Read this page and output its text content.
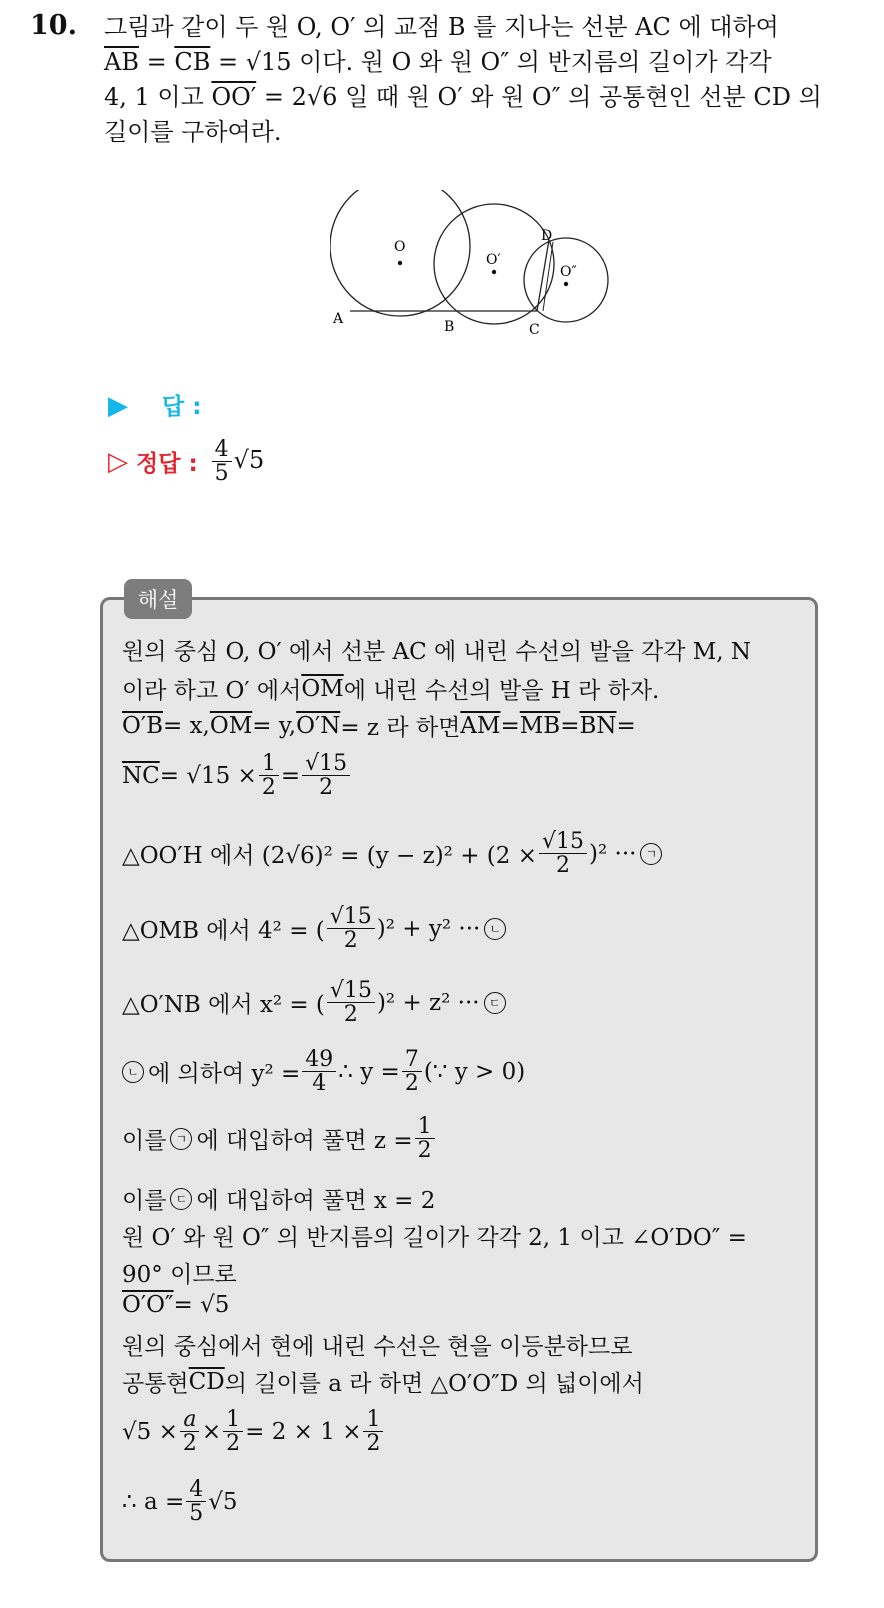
10. 그림과 같이 두 원 O, O′ 의 교점 B 를 지나는 선분 AC 에 대하여
$\overline{AB} = \overline{CB} = √15$ 이다. 원 O 와 원 O″ 의 반지름의 길이가 각각
4, 1 이고 OO′ = 2√6 일 때 원 O′ 와 원 O″ 의 공통현인 선분 CD 의
길이를 구하여라.
O
O′
O″
A	B	C
D
▶ 답 :
▷ 정답 : $\frac{4}{5} √5$
해설
원의 중심 O, O′ 에서 선분 AC 에 내린 수선의 발을 각각 M, N
이라 하고 O′ 에서 $\overline{OM}$ 에 내린 수선의 발을 H 라 하자.
O′B = x, $\overline{OM} = y$, O′N = z 라 하면 $\overline{AM} = \overline{MB} = \overline{BN}$ =
$\overline{NC} = √15 \times \frac{1}{2} = \frac{√15}{2}$
△OO′H 에서 $(2√6)^2 = (y - z)^2 + (2 \times \frac{√15}{2} )^2$ ··· ㄱ
△OMB 에서 4² = ( $\frac{√15}{2} )^2 + y^2$ ··· ㄴ
△O′NB 에서 x² = ( $\frac{√15}{2} )^2 + z^2$ ··· ㄷ
ㄴ 에 의하여 $y^2 = \frac{49}{4}$ ∴ $y = \frac{7}{2}$ (∵ y > 0)
이를 ㄱ 에 대입하여 풀면 $z = \frac{1}{2}$
이를 ㄷ 에 대입하여 풀면 x = 2
원 O′ 와 원 O″ 의 반지름의 길이가 각각 2, 1 이고 ∠O′DO″ =
90° 이므로
O′O″ = √5
원의 중심에서 현에 내린 수선은 현을 이등분하므로
공통현 $\overline{CD}$ 의 길이를 a 라 하면 △O′O″D 의 넓이에서
$√5 \times \frac{a}{2} \times \frac{1}{2} = 2 \times 1 \times \frac{1}{2}$
∴ $a = \frac{4}{5} √5$
